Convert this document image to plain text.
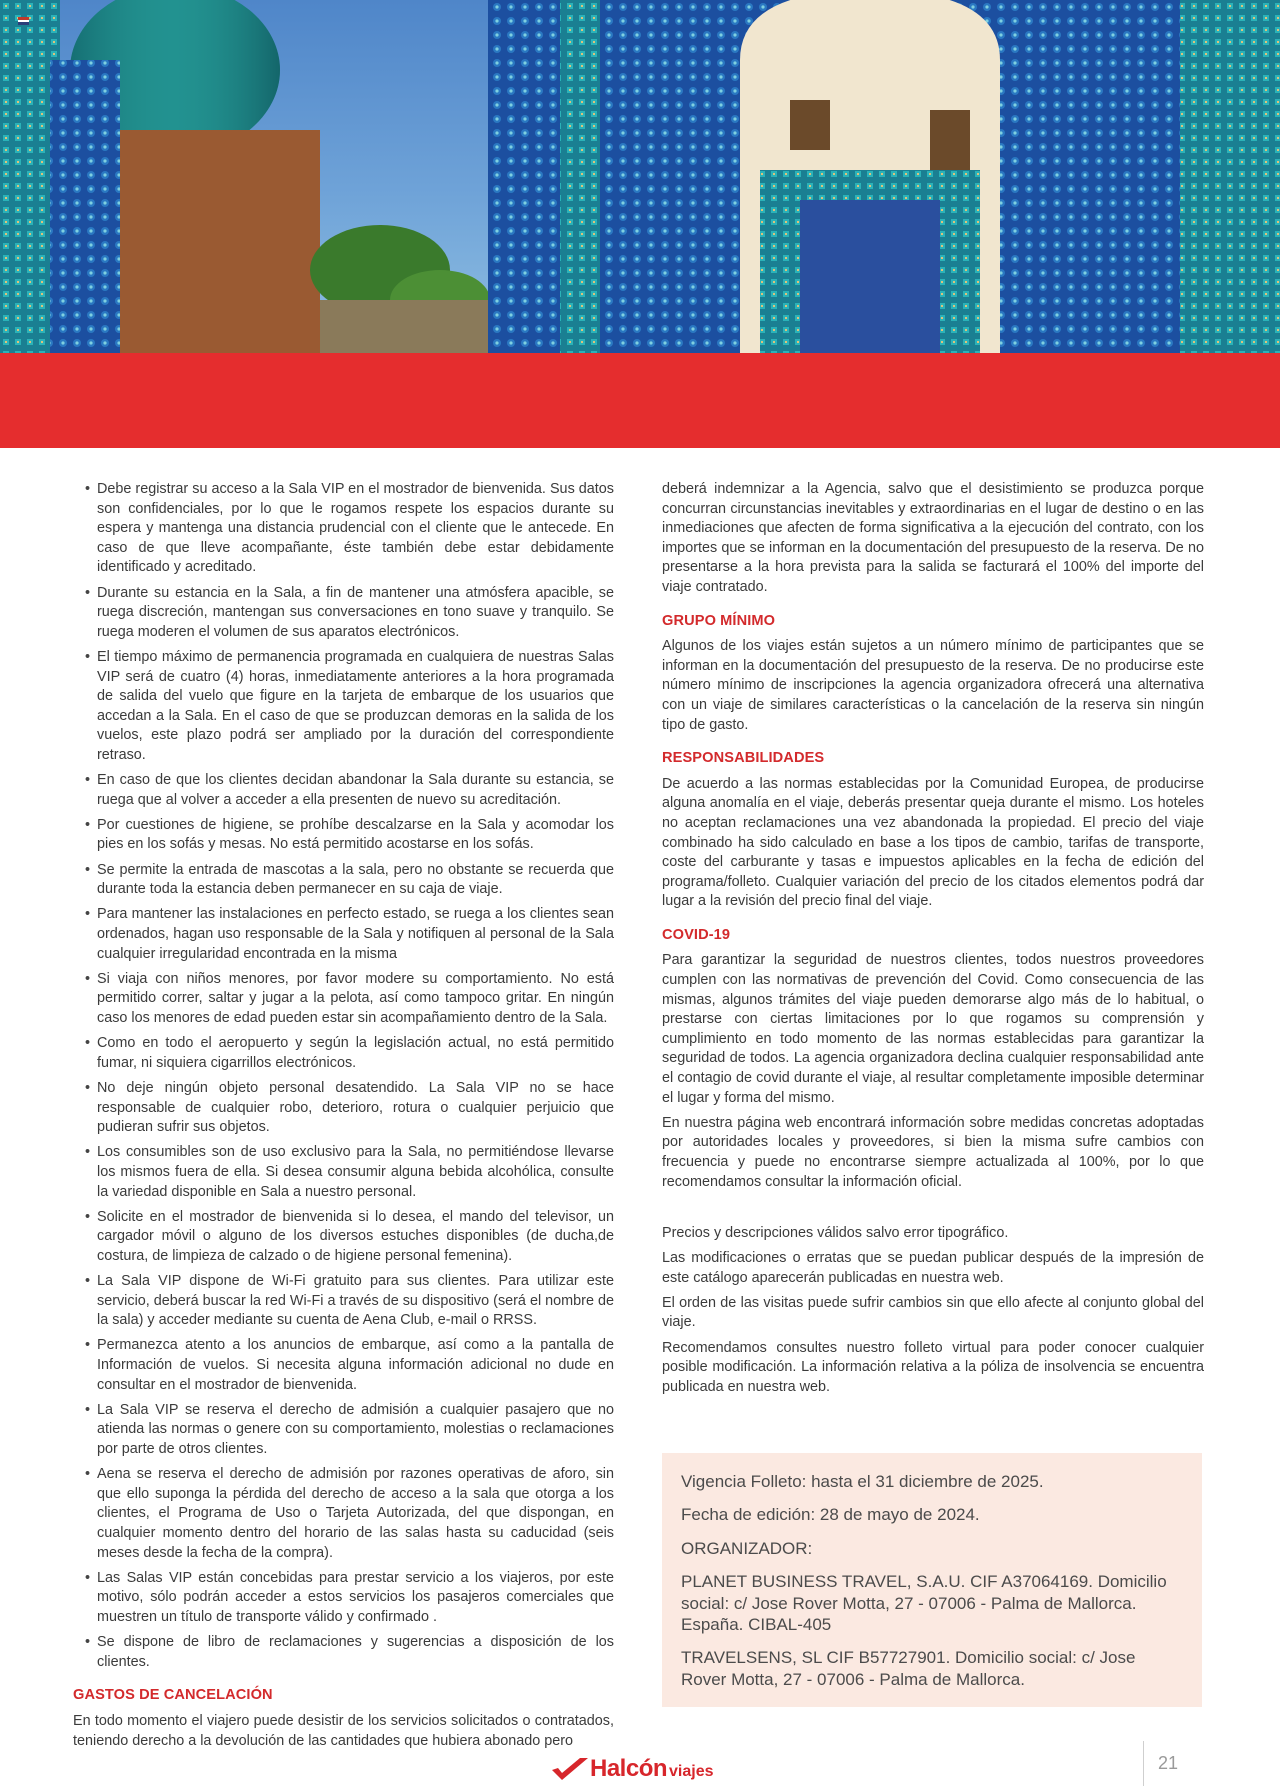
• Debe registrar su acceso a la Sala VIP en el mostrador de bienvenida. Sus datos son confidenciales, por lo que le rogamos respete los espacios durante su espera y mantenga una distancia prudencial con el cliente que le antecede. En caso de que lleve acompañante, éste también debe estar debidamente identificado y acreditado.
• Durante su estancia en la Sala, a fin de mantener una atmósfera apacible, se ruega discreción, mantengan sus conversaciones en tono suave y tranquilo. Se ruega moderen el volumen de sus aparatos electrónicos.
• El tiempo máximo de permanencia programada en cualquiera de nuestras Salas VIP será de cuatro (4) horas, inmediatamente anteriores a la hora programada de salida del vuelo que figure en la tarjeta de embarque de los usuarios que accedan a la Sala. En el caso de que se produzcan demoras en la salida de los vuelos, este plazo podrá ser ampliado por la duración del correspondiente retraso.
• En caso de que los clientes decidan abandonar la Sala durante su estancia, se ruega que al volver a acceder a ella presenten de nuevo su acreditación.
• Por cuestiones de higiene, se prohíbe descalzarse en la Sala y acomodar los pies en los sofás y mesas. No está permitido acostarse en los sofás.
• Se permite la entrada de mascotas a la sala, pero no obstante se recuerda que durante toda la estancia deben permanecer en su caja de viaje.
• Para mantener las instalaciones en perfecto estado, se ruega a los clientes sean ordenados, hagan uso responsable de la Sala y notifiquen al personal de la Sala cualquier irregularidad encontrada en la misma
• Si viaja con niños menores, por favor modere su comportamiento. No está permitido correr, saltar y jugar a la pelota, así como tampoco gritar. En ningún caso los menores de edad pueden estar sin acompañamiento dentro de la Sala.
• Como en todo el aeropuerto y según la legislación actual, no está permitido fumar, ni siquiera cigarrillos electrónicos.
• No deje ningún objeto personal desatendido. La Sala VIP no se hace responsable de cualquier robo, deterioro, rotura o cualquier perjuicio que pudieran sufrir sus objetos.
• Los consumibles son de uso exclusivo para la Sala, no permitiéndose llevarse los mismos fuera de ella. Si desea consumir alguna bebida alcohólica, consulte la variedad disponible en Sala a nuestro personal.
• Solicite en el mostrador de bienvenida si lo desea, el mando del televisor, un cargador móvil o alguno de los diversos estuches disponibles (de ducha,de costura, de limpieza de calzado o de higiene personal femenina).
• La Sala VIP dispone de Wi-Fi gratuito para sus clientes. Para utilizar este servicio, deberá buscar la red Wi-Fi a través de su dispositivo (será el nombre de la sala) y acceder mediante su cuenta de Aena Club, e-mail o RRSS.
• Permanezca atento a los anuncios de embarque, así como a la pantalla de Información de vuelos. Si necesita alguna información adicional no dude en consultar en el mostrador de bienvenida.
• La Sala VIP se reserva el derecho de admisión a cualquier pasajero que no atienda las normas o genere con su comportamiento, molestias o reclamaciones por parte de otros clientes.
• Aena se reserva el derecho de admisión por razones operativas de aforo, sin que ello suponga la pérdida del derecho de acceso a la sala que otorga a los clientes, el Programa de Uso o Tarjeta Autorizada, del que dispongan, en cualquier momento dentro del horario de las salas hasta su caducidad (seis meses desde la fecha de la compra).
• Las Salas VIP están concebidas para prestar servicio a los viajeros, por este motivo, sólo podrán acceder a estos servicios los pasajeros comerciales que muestren un título de transporte válido y confirmado .
• Se dispone de libro de reclamaciones y sugerencias a disposición de los clientes.
GASTOS DE CANCELACIÓN

En todo momento el viajero puede desistir de los servicios solicitados o contratados, teniendo derecho a la devolución de las cantidades que hubiera abonado pero

deberá indemnizar a la Agencia, salvo que el desistimiento se produzca porque concurran circunstancias inevitables y extraordinarias en el lugar de destino o en las inmediaciones que afecten de forma significativa a la ejecución del contrato, con los importes que se informan en la documentación del presupuesto de la reserva. De no presentarse a la hora prevista para la salida se facturará el 100% del importe del viaje contratado.

GRUPO MÍNIMO

Algunos de los viajes están sujetos a un número mínimo de participantes que se informan en la documentación del presupuesto de la reserva. De no producirse este número mínimo de inscripciones la agencia organizadora ofrecerá una alternativa con un viaje de similares características o la cancelación de la reserva sin ningún tipo de gasto.

RESPONSABILIDADES

De acuerdo a las normas establecidas por la Comunidad Europea, de producirse alguna anomalía en el viaje, deberás presentar queja durante el mismo. Los hoteles no aceptan reclamaciones una vez abandonada la propiedad. El precio del viaje combinado ha sido calculado en base a los tipos de cambio, tarifas de transporte, coste del carburante y tasas e impuestos aplicables en la fecha de edición del programa/folleto. Cualquier variación del precio de los citados elementos podrá dar lugar a la revisión del precio final del viaje.

COVID-19

Para garantizar la seguridad de nuestros clientes, todos nuestros proveedores cumplen con las normativas de prevención del Covid. Como consecuencia de las mismas, algunos trámites del viaje pueden demorarse algo más de lo habitual, o prestarse con ciertas limitaciones por lo que rogamos su comprensión y cumplimiento en todo momento de las normas establecidas para garantizar la seguridad de todos. La agencia organizadora declina cualquier responsabilidad ante el contagio de covid durante el viaje, al resultar completamente imposible determinar el lugar y forma del mismo.

En nuestra página web encontrará información sobre medidas concretas adoptadas por autoridades locales y proveedores, si bien la misma sufre cambios con frecuencia y puede no encontrarse siempre actualizada al 100%, por lo que recomendamos consultar la información oficial.

Precios y descripciones válidos salvo error tipográfico.

Las modificaciones o erratas que se puedan publicar después de la impresión de este catálogo aparecerán publicadas en nuestra web.

El orden de las visitas puede sufrir cambios sin que ello afecte al conjunto global del viaje.

Recomendamos consultes nuestro folleto virtual para poder conocer cualquier posible modificación. La información relativa a la póliza de insolvencia se encuentra publicada en nuestra web.

Vigencia Folleto: hasta el 31 diciembre de 2025.

Fecha de edición: 28 de mayo de 2024.

ORGANIZADOR:

PLANET BUSINESS TRAVEL, S.A.U. CIF A37064169. Domicilio social: c/ Jose Rover Motta, 27 - 07006 - Palma de Mallorca. España. CIBAL-405

TRAVELSENS, SL CIF B57727901. Domicilio social: c/ Jose Rover Motta, 27 - 07006 - Palma de Mallorca.

Halcón viajes	21
